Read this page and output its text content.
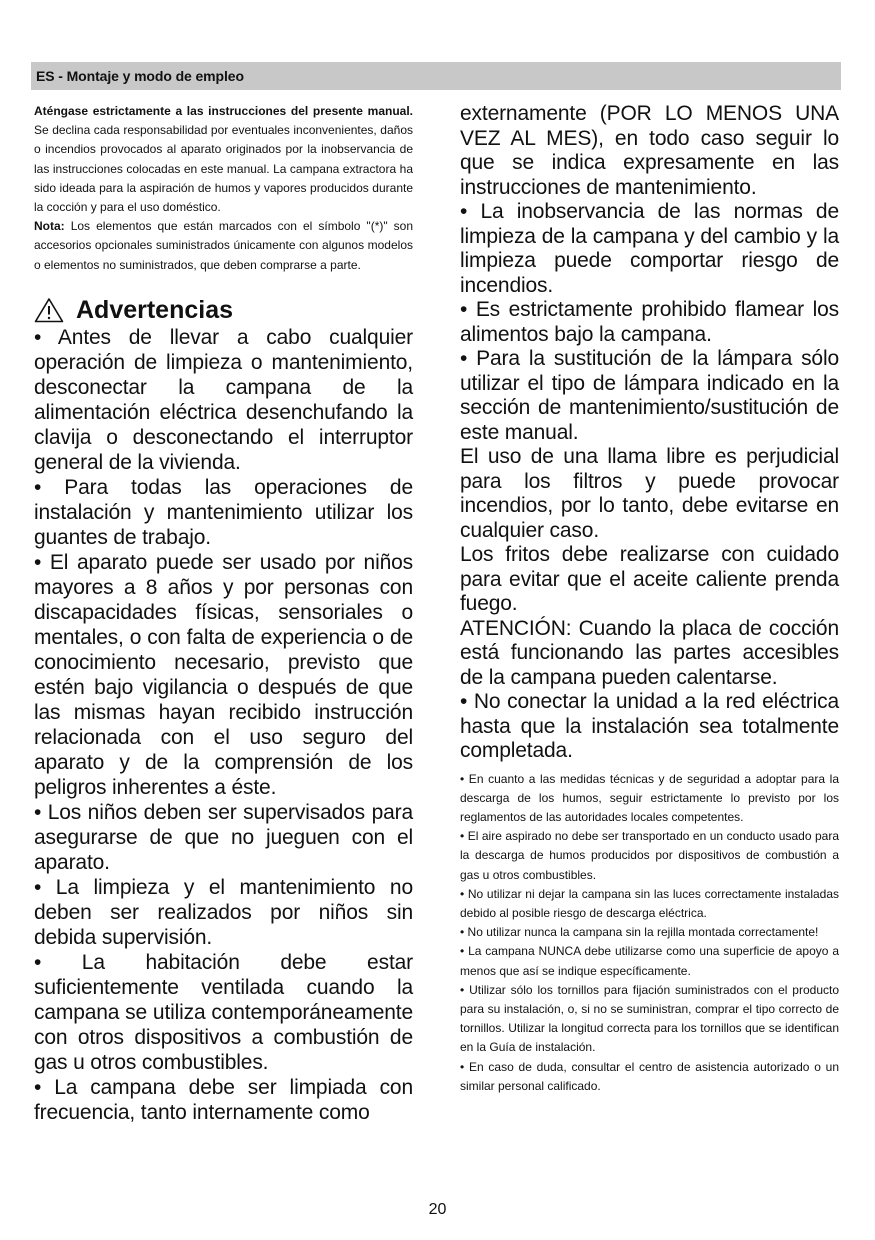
ES - Montaje y modo de empleo

Aténgase estrictamente a las instrucciones del presente manual. Se declina cada responsabilidad por eventuales inconvenientes, daños o incendios provocados al aparato originados por la inobservancia de las instrucciones colocadas en este manual. La campana extractora ha sido ideada para la aspiración de humos y vapores producidos durante la cocción y para el uso doméstico.

Nota: Los elementos que están marcados con el símbolo "(*)" son accesorios opcionales suministrados únicamente con algunos modelos o elementos no suministrados, que deben comprarse a parte.

Advertencias

• Antes de llevar a cabo cualquier operación de limpieza o mantenimiento, desconectar la campana de la alimentación eléctrica desenchufando la clavija o desconectando el interruptor general de la vivienda.

• Para todas las operaciones de instalación y mantenimiento utilizar los guantes de trabajo.

• El aparato puede ser usado por niños mayores a 8 años y por personas con discapacidades físicas, sensoriales o mentales, o con falta de experiencia o de conocimiento necesario, previsto que estén bajo vigilancia o después de que las mismas hayan recibido instrucción relacionada con el uso seguro del aparato y de la comprensión de los peligros inherentes a éste.

• Los niños deben ser supervisados para asegurarse de que no jueguen con el aparato.

• La limpieza y el mantenimiento no deben ser realizados por niños sin debida supervisión.

• La habitación debe estar suficientemente ventilada cuando la campana se utiliza contemporáneamente con otros dispositivos a combustión de gas u otros combustibles.

• La campana debe ser limpiada con frecuencia, tanto internamente como

externamente (POR LO MENOS UNA VEZ AL MES), en todo caso seguir lo que se indica expresamente en las instrucciones de mantenimiento.

• La inobservancia de las normas de limpieza de la campana y del cambio y la limpieza puede comportar riesgo de incendios.

• Es estrictamente prohibido flamear los alimentos bajo la campana.

• Para la sustitución de la lámpara sólo utilizar el tipo de lámpara indicado en la sección de mantenimiento/sustitución de este manual.

El uso de una llama libre es perjudicial para los filtros y puede provocar incendios, por lo tanto, debe evitarse en cualquier caso.

Los fritos debe realizarse con cuidado para evitar que el aceite caliente prenda fuego.

ATENCIÓN: Cuando la placa de cocción está funcionando las partes accesibles de la campana pueden calentarse.

• No conectar la unidad a la red eléctrica hasta que la instalación sea totalmente completada.

• En cuanto a las medidas técnicas y de seguridad a adoptar para la descarga de los humos, seguir estrictamente lo previsto por los reglamentos de las autoridades locales competentes.

• El aire aspirado no debe ser transportado en un conducto usado para la descarga de humos producidos por dispositivos de combustión a gas u otros combustibles.

• No utilizar ni dejar la campana sin las luces correctamente instaladas debido al posible riesgo de descarga eléctrica.

• No utilizar nunca la campana sin la rejilla montada correctamente!

• La campana NUNCA debe utilizarse como una superficie de apoyo a menos que así se indique específicamente.

• Utilizar sólo los tornillos para fijación suministrados con el producto para su instalación, o, si no se suministran, comprar el tipo correcto de tornillos. Utilizar la longitud correcta para los tornillos que se identifican en la Guía de instalación.

• En caso de duda, consultar el centro de asistencia autorizado o un similar personal calificado.

20
